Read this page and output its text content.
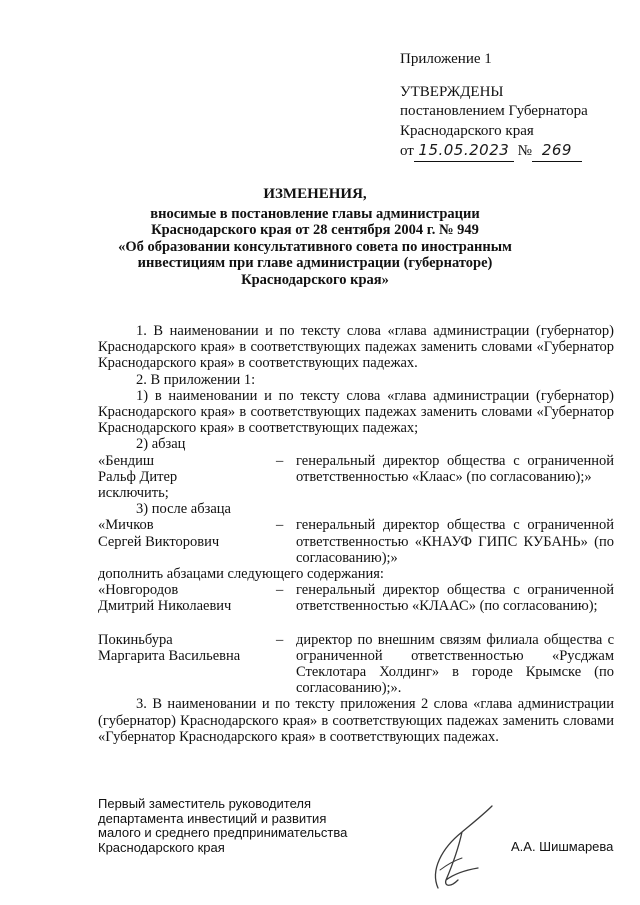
Приложение 1
УТВЕРЖДЕНЫ
постановлением Губернатора
Краснодарского края
от 15.05.2023 № 269
ИЗМЕНЕНИЯ,
вносимые в постановление главы администрации
Краснодарского края от 28 сентября 2004 г. № 949
«Об образовании консультативного совета по иностранным
инвестициям при главе администрации (губернаторе)
Краснодарского края»

1. В наименовании и по тексту слова «глава администрации (губернатор) Краснодарского края» в соответствующих падежах заменить словами «Губернатор Краснодарского края» в соответствующих падежах.

2. В приложении 1:

1) в наименовании и по тексту слова «глава администрации (губернатор) Краснодарского края» в соответствующих падежах заменить словами «Губернатор Краснодарского края» в соответствующих падежах;

2) абзац

«Бендиш
Ральф Дитер
– генеральный директор общества с ограниченной ответственностью «Клаас» (по согласованию);»

исключить;

3) после абзаца

«Мичков
Сергей Викторович
– генеральный директор общества с ограниченной ответственностью «КНАУФ ГИПС КУБАНЬ» (по согласованию);»

дополнить абзацами следующего содержания:

«Новгородов
Дмитрий Николаевич
– генеральный директор общества с ограниченной ответственностью «КЛААС» (по согласованию);
Покиньбура
Маргарита Васильевна
– директор по внешним связям филиала общества с ограниченной ответственностью «Русджам Стеклотара Холдинг» в городе Крымске (по согласованию);».

3. В наименовании и по тексту приложения 2 слова «глава администрации (губернатор) Краснодарского края» в соответствующих падежах заменить словами «Губернатор Краснодарского края» в соответствующих падежах.

Первый заместитель руководителя
департамента инвестиций и развития
малого и среднего предпринимательства
Краснодарского края	А.А. Шишмарева
